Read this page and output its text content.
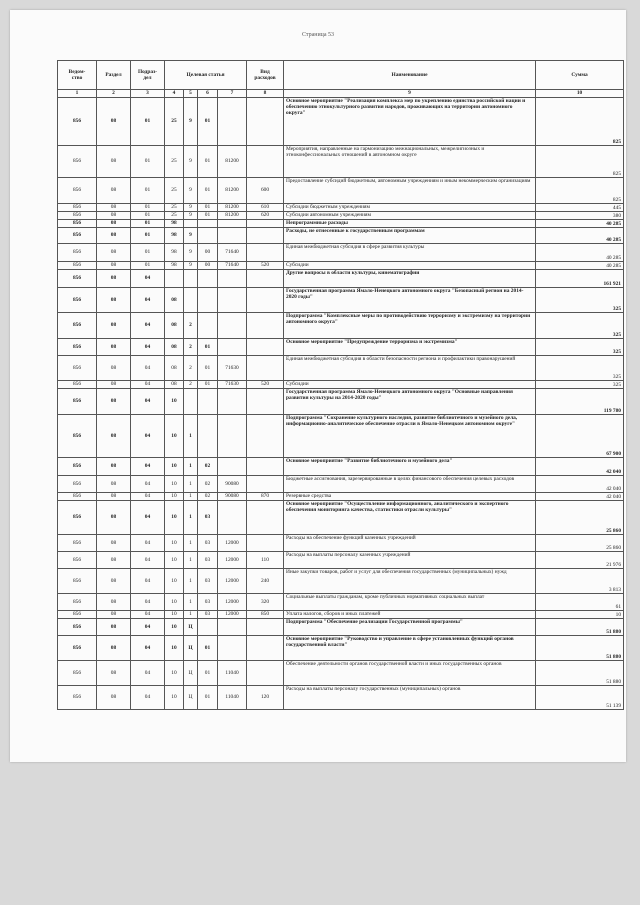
Страница 53
Ведом-
ство	Раздел	Подраз-
дел	Целевая статья				Вид
расходов	Наименование	Сумма
1	2	3	4	5	6	7	8	9	10
856	08	01	25	9	01			Основное мероприятие "Реализация комплекса мер по укреплению единства российской нации и обеспечению этнокультурного развития народов, проживающих на территории автономного округа"	825
856	08	01	25	9	01	81200		Мероприятия, направленные на гармонизацию межнациональных, межрелигиозных и этноконфессиональных отношений в автономном округе	825
856	08	01	25	9	01	81200	600	Предоставление субсидий бюджетным, автономным учреждениям и иным некоммерческим организациям	825
856	08	01	25	9	01	81200	610	Субсидии бюджетным учреждениям	445
856	08	01	25	9	01	81200	620	Субсидии автономным учреждениям	380
856	08	01	98					Непрограммные расходы	40 285
856	08	01	98	9				Расходы, не отнесенные к государственным программам	40 285
856	08	01	98	9	00	71640		Единая межбюджетная субсидия в сфере развития культуры	40 285
856	08	01	98	9	00	71640	520	Субсидии	40 285
856	08	04						Другие вопросы в области культуры, кинематографии	161 921
856	08	04	08					Государственная программа Ямало-Ненецкого автономного округа "Безопасный регион на 2014-2020 годы"	325
856	08	04	08	2				Подпрограмма "Комплексные меры по противодействию терроризму и экстремизму на территории автономного округа"	325
856	08	04	08	2	01			Основное мероприятие "Предупреждение терроризма и экстремизма"	325
856	08	04	08	2	01	71630		Единая межбюджетная субсидия в области безопасности региона и профилактики правонарушений	325
856	08	04	08	2	01	71630	520	Субсидии	325
856	08	04	10					Государственная программа Ямало-Ненецкого автономного округа "Основные направления развития культуры на 2014-2020 годы"	119 780
856	08	04	10	1				Подпрограмма "Сохранение культурного наследия, развитие библиотечного и музейного дела, информационно-аналитическое обеспечение отрасли в Ямало-Ненецком автономном округе"	67 900
856	08	04	10	1	02			Основное мероприятие "Развитие библиотечного и музейного дела"	42 040
856	08	04	10	1	02	90080		Бюджетные ассигнования, зарезервированные в целях финансового обеспечения целевых расходов	42 040
856	08	04	10	1	02	90080	870	Резервные средства	42 040
856	08	04	10	1	03			Основное мероприятие "Осуществление информационного, аналитического и экспертного обеспечения мониторинга качества, статистики отрасли культуры"	25 860
856	08	04	10	1	03	12000		Расходы на обеспечение функций казенных учреждений	25 860
856	08	04	10	1	03	12000	110	Расходы на выплаты персоналу казенных учреждений	21 976
856	08	04	10	1	03	12000	240	Иные закупки товаров, работ и услуг для обеспечения государственных (муниципальных) нужд	3 813
856	08	04	10	1	03	12000	320	Социальные выплаты гражданам, кроме публичных нормативных социальных выплат	61
856	08	04	10	1	03	12000	850	Уплата налогов, сборов и иных платежей	10
856	08	04	10	Ц				Подпрограмма "Обеспечение реализации Государственной программы"	51 880
856	08	04	10	Ц	01			Основное мероприятие "Руководство и управление в сфере установленных функций органов государственной власти"	51 880
856	08	04	10	Ц	01	11040		Обеспечение деятельности органов государственной власти и иных государственных органов	51 880
856	08	04	10	Ц	01	11040	120	Расходы на выплаты персоналу государственных (муниципальных) органов	51 139
